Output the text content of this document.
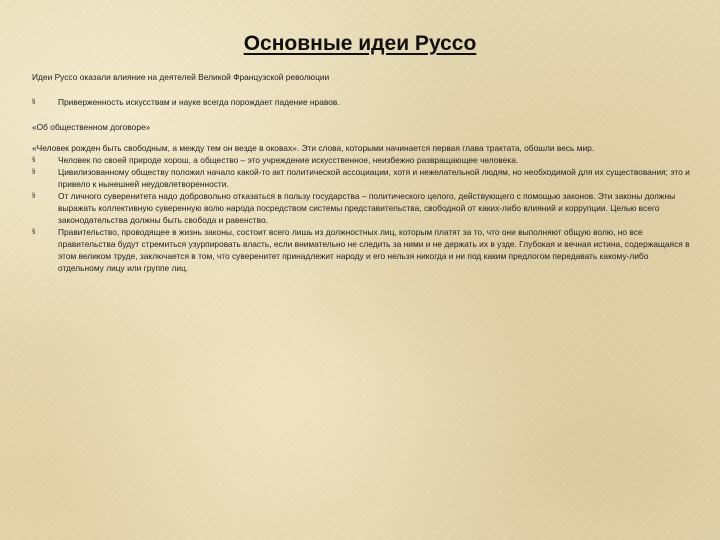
Основные идеи Руссо

Идеи Руссо оказали влияние на деятелей Великой Французской революции

§	Приверженность искусствам и науке всегда порождает падение нравов.

«Об общественном договоре»

«Человек рожден быть свободным, а между тем он везде в оковах». Эти слова, которыми начинается первая глава трактата, обошли весь мир.

§	Человек по своей природе хорош, а общество – это учреждение искусственное, неизбежно развращающее человека.

§	Цивилизованному обществу положил начало какой-то акт политической ассоциации, хотя и нежелательной людям, но необходимой для их существования; это и привело к нынешней неудовлетворенности.

§	От личного суверенитета надо добровольно отказаться в пользу государства – политического целого, действующего с помощью законов. Эти законы должны выражать коллективную суверенную волю народа посредством системы представительства, свободной от каких-либо влияний и коррупции. Целью всего законодательства должны быть свобода и равенство.

§	Правительство, проводящее в жизнь законы, состоит всего лишь из должностных лиц, которым платят за то, что они выполняют общую волю, но все правительства будут стремиться узурпировать власть, если внимательно не следить за ними и не держать их в узде. Глубокая и вечная истина, содержащаяся в этом великом труде, заключается в том, что суверенитет принадлежит народу и его нельзя никогда и ни под каким предлогом передавать какому-либо отдельному лицу или группе лиц.
